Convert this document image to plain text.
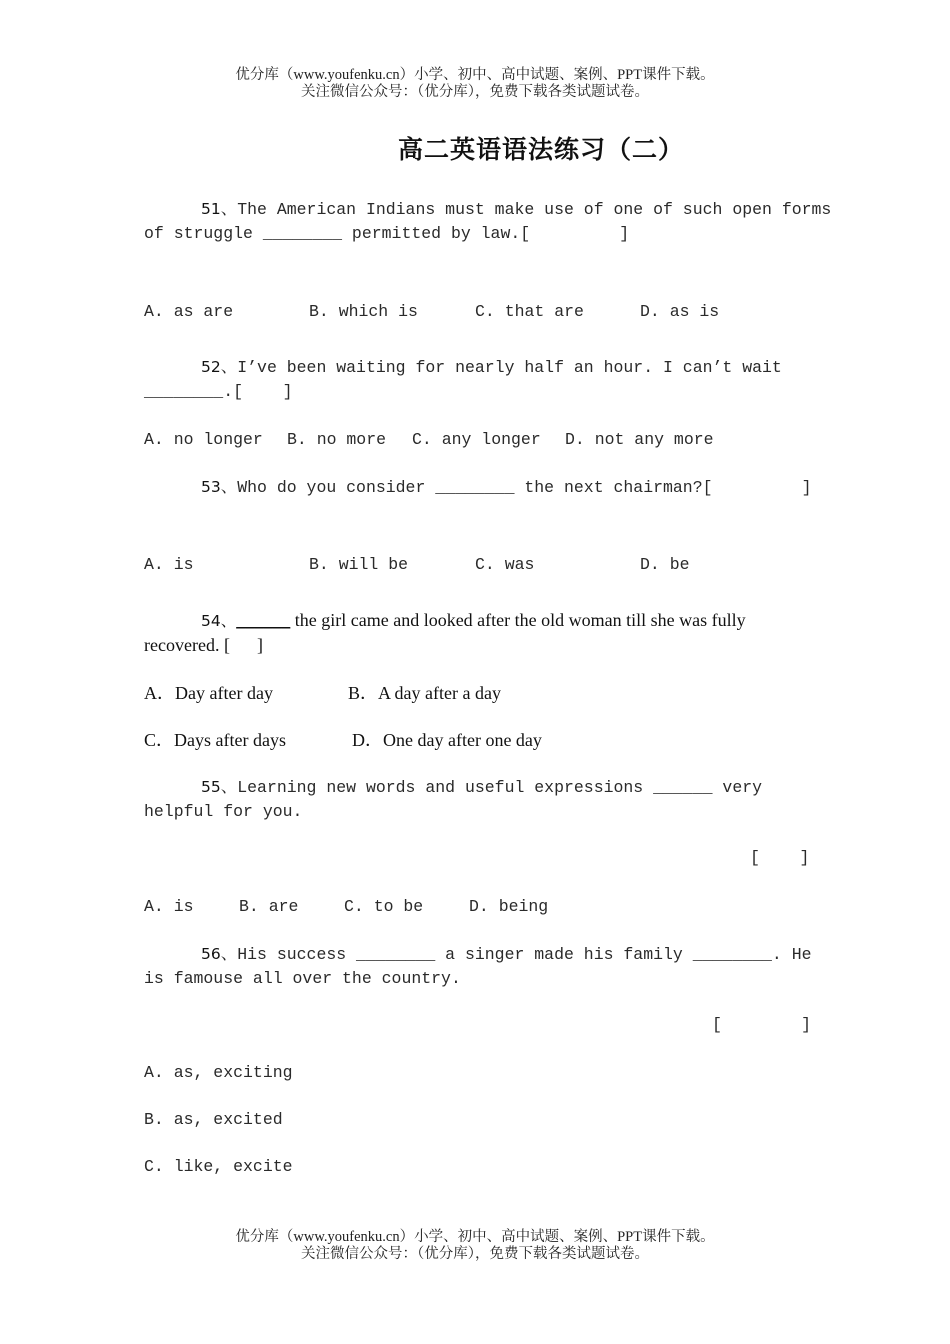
优分库（www.youfenku.cn）小学、初中、高中试题、案例、PPT课件下载。
关注微信公众号：（优分库），免费下载各类试题试卷。
高二英语语法练习（二）
51、The American Indians must make use of one of such open forms
of struggle ________ permitted by law.[         ]
A. as are	B. which is	C. that are	D. as is
52、I’ve been waiting for nearly half an hour. I can’t wait
________.[    ]
A. no longer B. no more C. any longer D. not any more
53、Who do you consider ________ the next chairman?[         ]
A. is	B. will be	C. was	D. be
54、______ the girl came and looked after the old woman till she was fully
recovered. [      ]
A．Day after day	B．A day after a day
C．Days after days	D．One day after one day
55、Learning new words and useful expressions ______ very
helpful for you.
[    ]
A. is	B. are	C. to be	D. being
56、His success ________ a singer made his family ________. He
is famouse all over the country.
[        ]
A. as, exciting
B. as, excited
C. like, excite
优分库（www.youfenku.cn）小学、初中、高中试题、案例、PPT课件下载。
关注微信公众号：（优分库），免费下载各类试题试卷。
